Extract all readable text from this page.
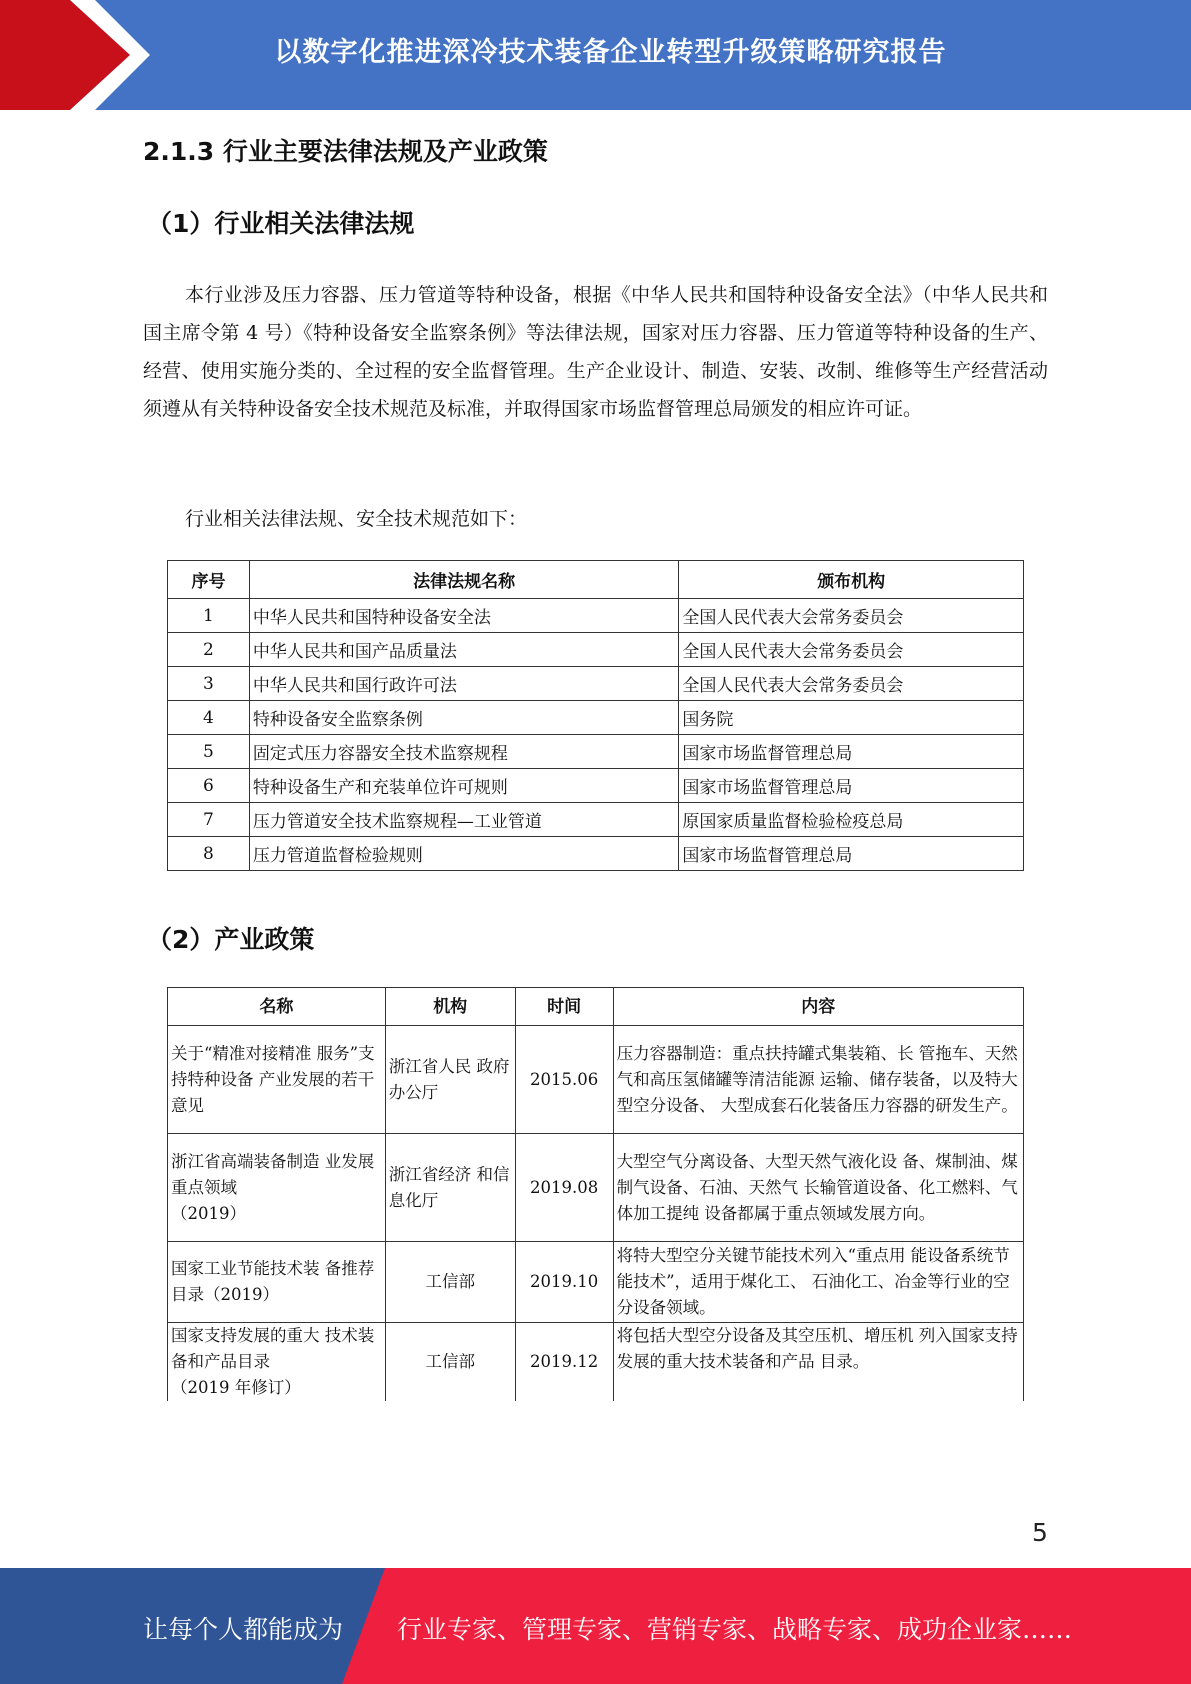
以数字化推进深冷技术装备企业转型升级策略研究报告
2.1.3 行业主要法律法规及产业政策
（1）行业相关法律法规

本行业涉及压力容器、压力管道等特种设备，根据《中华人民共和国特种设备安全法》（中华人民共和国主席令第 4 号）《特种设备安全监察条例》等法律法规，国家对压力容器、压力管道等特种设备的生产、经营、使用实施分类的、全过程的安全监督管理。生产企业设计、制造、安装、改制、维修等生产经营活动须遵从有关特种设备安全技术规范及标准，并取得国家市场监督管理总局颁发的相应许可证。

行业相关法律法规、安全技术规范如下：

序号	法律法规名称	颁布机构
1	中华人民共和国特种设备安全法	全国人民代表大会常务委员会
2	中华人民共和国产品质量法	全国人民代表大会常务委员会
3	中华人民共和国行政许可法	全国人民代表大会常务委员会
4	特种设备安全监察条例	国务院
5	固定式压力容器安全技术监察规程	国家市场监督管理总局
6	特种设备生产和充装单位许可规则	国家市场监督管理总局
7	压力管道安全技术监察规程—工业管道	原国家质量监督检验检疫总局
8	压力管道监督检验规则	国家市场监督管理总局
（2）产业政策
名称	机构	时间	内容
关于“精准对接精准 服务”支持特种设备 产业发展的若干意见	浙江省人民 政府办公厅	2015.06	压力容器制造：重点扶持罐式集装箱、长 管拖车、天然气和高压氢储罐等清洁能源 运输、储存装备，以及特大型空分设备、 大型成套石化装备压力容器的研发生产。
浙江省高端装备制造 业发展重点领域
（2019）	浙江省经济 和信息化厅	2019.08	大型空气分离设备、大型天然气液化设 备、煤制油、煤制气设备、石油、天然气 长输管道设备、化工燃料、气体加工提纯 设备都属于重点领域发展方向。
国家工业节能技术装 备推荐目录（2019）	工信部	2019.10	将特大型空分关键节能技术列入“重点用 能设备系统节能技术”，适用于煤化工、 石油化工、冶金等行业的空分设备领域。
国家支持发展的重大 技术装备和产品目录
（2019 年修订）	工信部	2019.12	将包括大型空分设备及其空压机、增压机 列入国家支持发展的重大技术装备和产品 目录。
5
让每个人都能成为 行业专家、管理专家、营销专家、战略专家、成功企业家……
